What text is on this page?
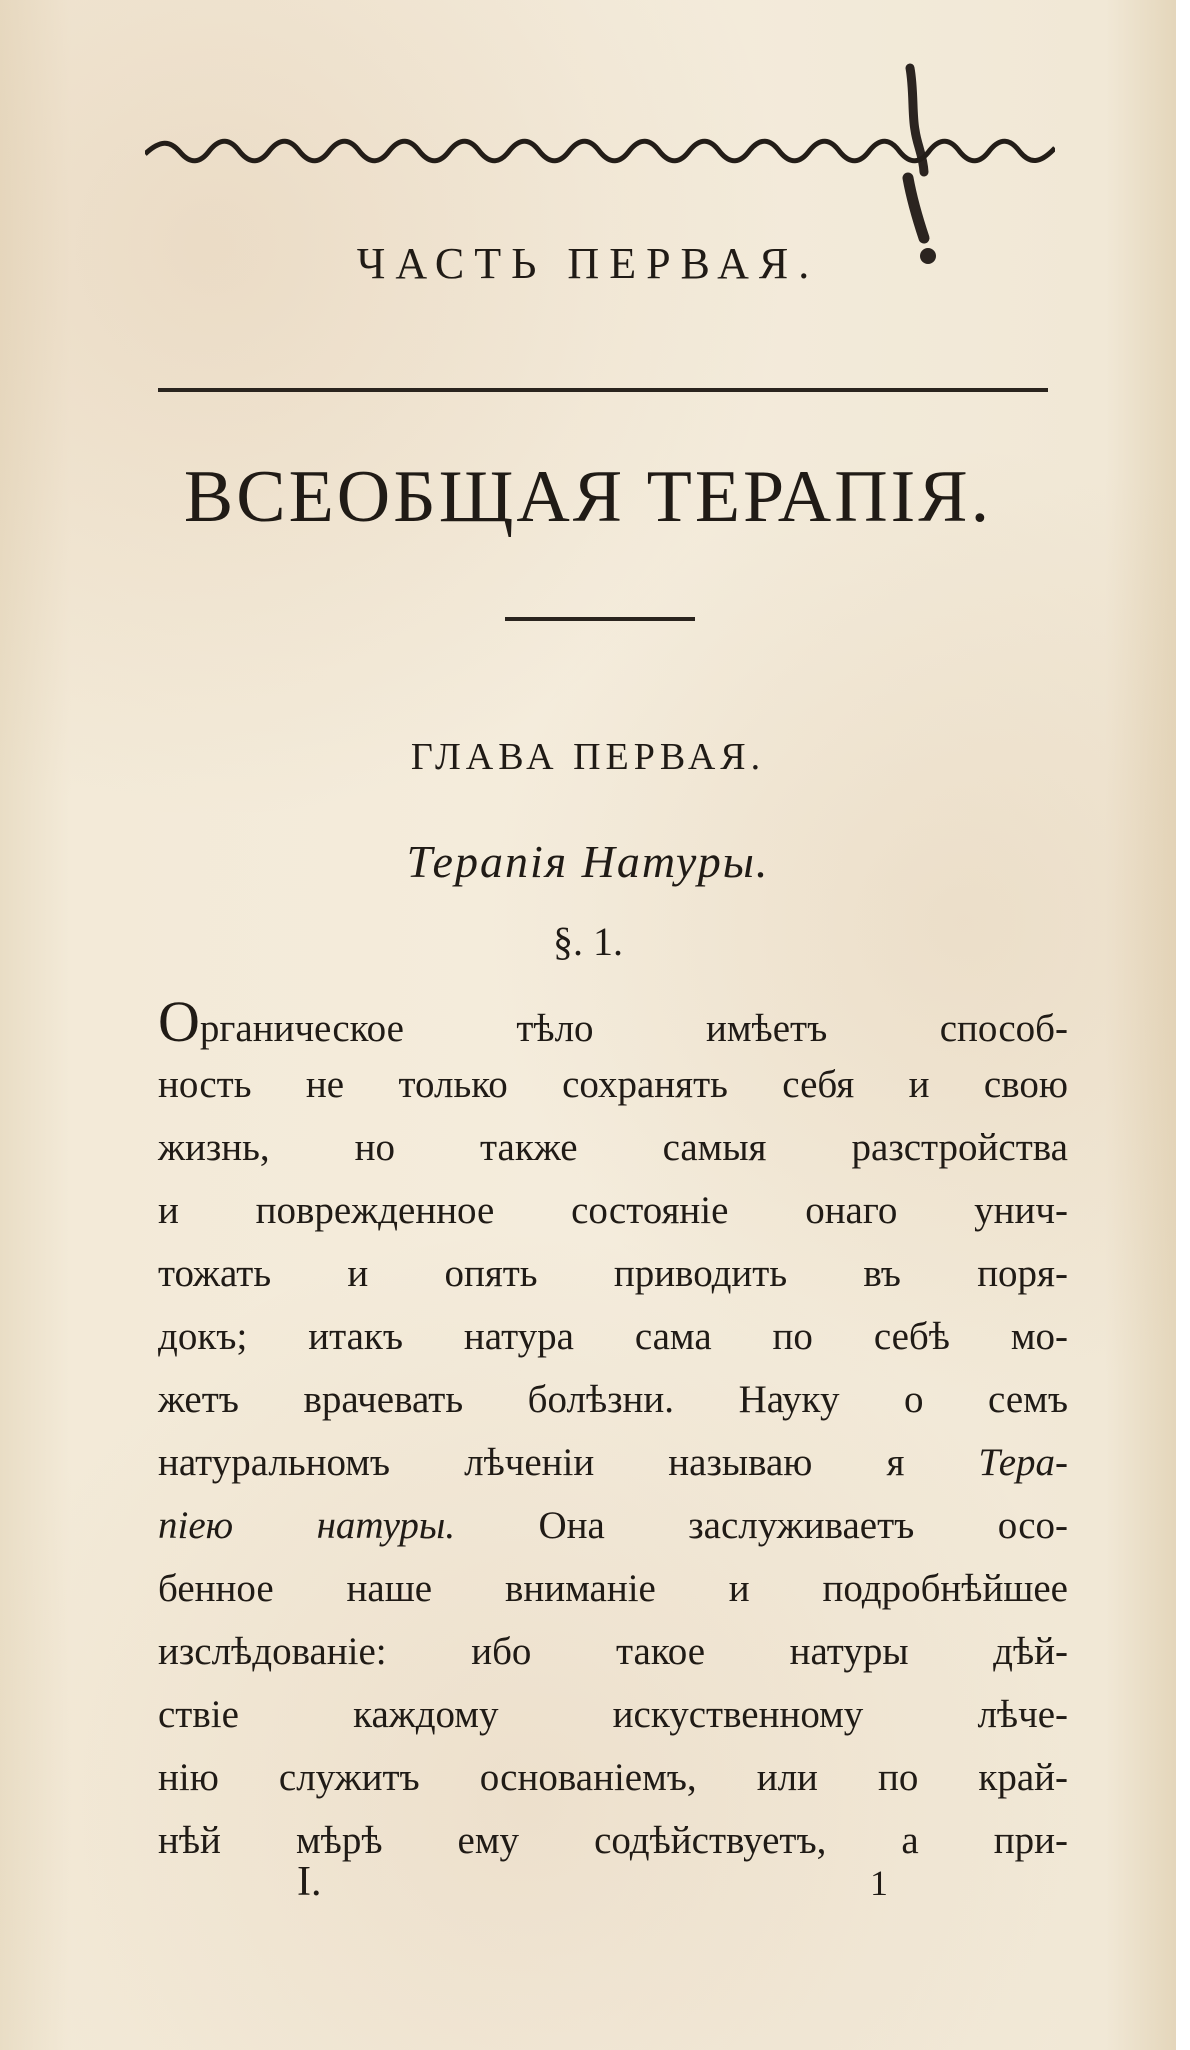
ЧАСТЬ ПЕРВАЯ.
ВСЕОБЩАЯ ТЕРАПІЯ.
ГЛАВА ПЕРВАЯ.
Терапія Натуры.
§. 1.
Органическое тѣло имѣетъ способ-
ность не только сохранять себя и свою
жизнь, но также самыя разстройства
и поврежденное состояніе онаго унич-
тожать и опять приводить въ поря-
докъ; итакъ натура сама по себѣ мо-
жетъ врачевать болѣзни. Науку о семъ
натуральномъ лѣченіи называю я Тера-
піею натуры. Она заслуживаетъ осо-
бенное наше вниманіе и подробнѣйшее
изслѣдованіе: ибо такое натуры дѣй-
ствіе каждому искуственному лѣче-
нію служитъ основаніемъ, или по край-
нѣй мѣрѣ ему содѣйствуетъ, а при-
I.	1
